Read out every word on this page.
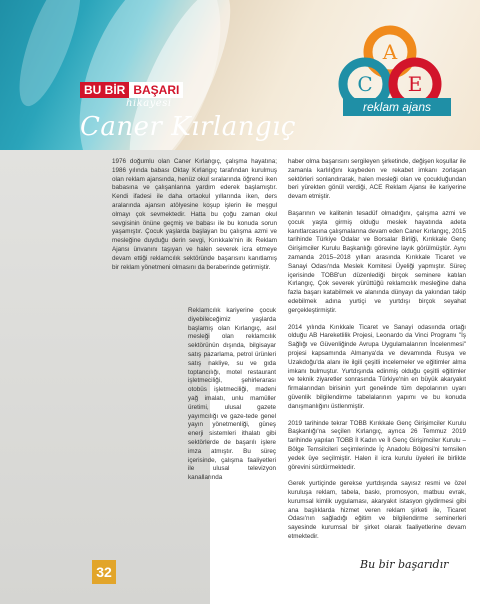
BU BİR BAŞARI
hikayesi
Caner Kırlangıç
A
C E
reklam ajans

1976 doğumlu olan Caner Kırlangıç, çalışma hayatına; 1986 yılında babası Oktay Kırlangıç tarafından kurulmuş olan reklam ajansında, henüz okul sıralarında öğrenci iken babasına ve çalışanlarına yardım ederek başlamıştır. Kendi ifadesi ile daha ortaokul yıllarında iken, ders aralarında ajansın atölyesine koşup işlerin ile meşgul olmayı çok sevmektedir. Hatta bu çoğu zaman okul sevgisinin önüne geçmiş ve babası ile bu konuda sorun yaşamıştır. Çocuk yaşlarda başlayan bu çalışma azmi ve mesleğine duyduğu derin sevgi, Kırıkkale'nin ilk Reklam Ajansı ünvanını taşıyan ve halen severek icra etmeye devam ettiği reklamcılık sektöründe başarısını kanıtlamış bir reklam yönetmeni olmasını da beraberinde getirmiştir.

Reklamcılık kariyerine çocuk diyebileceğimiz yaşlarda başlamış olan Kırlangıç, asıl mesleği olan reklamcılık sektörünün dışında, bilgisayar satış pazarlama, petrol ürünleri satış nakliye, su ve gıda toptancılığı, motel restaurant işletmeciliği, şehirlerarası otobüs işletmeciliği, madeni yağ imalatı, unlu mamüller üretimi, ulusal gazete yayımcılığı ve gaze-tede genel yayın yönetmenliği, güneş enerji sistemleri ithalatı gibi sektörlerde de başarılı işlere imza atmıştır. Bu süreç içerisinde, çalışma faaliyetleri ile ulusal televizyon kanallarında

haber olma başarısını sergileyen şirketinde, değişen koşullar ile zamanla karlılığını kaybeden ve rekabet imkanı zorlaşan sektörleri sonlandırarak, halen mesleği olan ve çocukluğundan beri yürekten gönül verdiği, ACE Reklam Ajansı ile kariyerine devam etmiştir.

Başarının ve kalitenin tesadüf olmadığını, çalışma azmi ve çocuk yaşta girmiş olduğu meslek hayatında adeta kanıtlarcasına çalışmalarına devam eden Caner Kırlangıç, 2015 tarihinde Türkiye Odalar ve Borsalar Birliği, Kırıkkale Genç Girişimciler Kurulu Başkanlığı görevine layık görülmüştür. Aynı zamanda 2015–2018 yılları arasında Kırıkkale Ticaret ve Sanayi Odası'nda Meslek Komitesi Üyeliği yapmıştır. Süreç içerisinde TOBB'un düzenlediği birçok seminere katılan Kırlangıç, Çok severek yürüttüğü reklamcılık mesleğine daha fazla başarı katabilmek ve alanında dünyayı da yakından takip edebilmek adına yurtiçi ve yurtdışı birçok seyahat gerçekleştirmiştir.

2014 yılında Kırıkkale Ticaret ve Sanayi odasıında ortağı olduğu AB Hareketlilik Projesi, Leonardo da Vinci Programı "İş Sağlığı ve Güvenliğinde Avrupa Uygulamalarının İncelenmesi" projesi kapsamında Almanya'da ve devamında Rusya ve Uzakdoğu'da alanı ile ilgili çeşitli incelemeler ve eğitimler alma imkanı bulmuştur. Yurtdışında edinmiş olduğu çeşitli eğitimler ve teknik ziyaretler sonrasında Türkiye'nin en büyük akaryakıt firmalarından birisinin yurt genelinde tüm depolarının uyarı güvenlik bilgilendirme tabelalarının yapımı ve bu konuda danışmanlığını üstlenmiştir.

2019 tarihinde tekrar TOBB Kırıkkale Genç Girişimciler Kurulu Başkanlığı'na seçilen Kırlangıç, ayrıca 26 Temmuz 2019 tarihinde yapılan TOBB İl Kadın ve İl Genç Girişimciler Kurulu – Bölge Temsilcileri seçimlerinde İç Anadolu Bölgesi'ni temsilen yedek üye seçilmiştir. Halen il icra kurulu üyeleri ile birlikte görevini sürdürmektedir.

Gerek yurtiçinde gerekse yurtdışında sayısız resmi ve özel kuruluşa reklam, tabela, baskı, promosyon, matbuu evrak, kurumsal kimlik uygulaması, akaryakıt istasyon giydirmesi gibi ana başlıklarda hizmet veren reklam şirketi ile, Ticaret Odası'nın sağladığı eğitim ve bilgilendirme seminerleri sayesinde kurumsal bir şirket olarak faaliyetlerine devam etmektedir.

Bu bir başarıdır
32
